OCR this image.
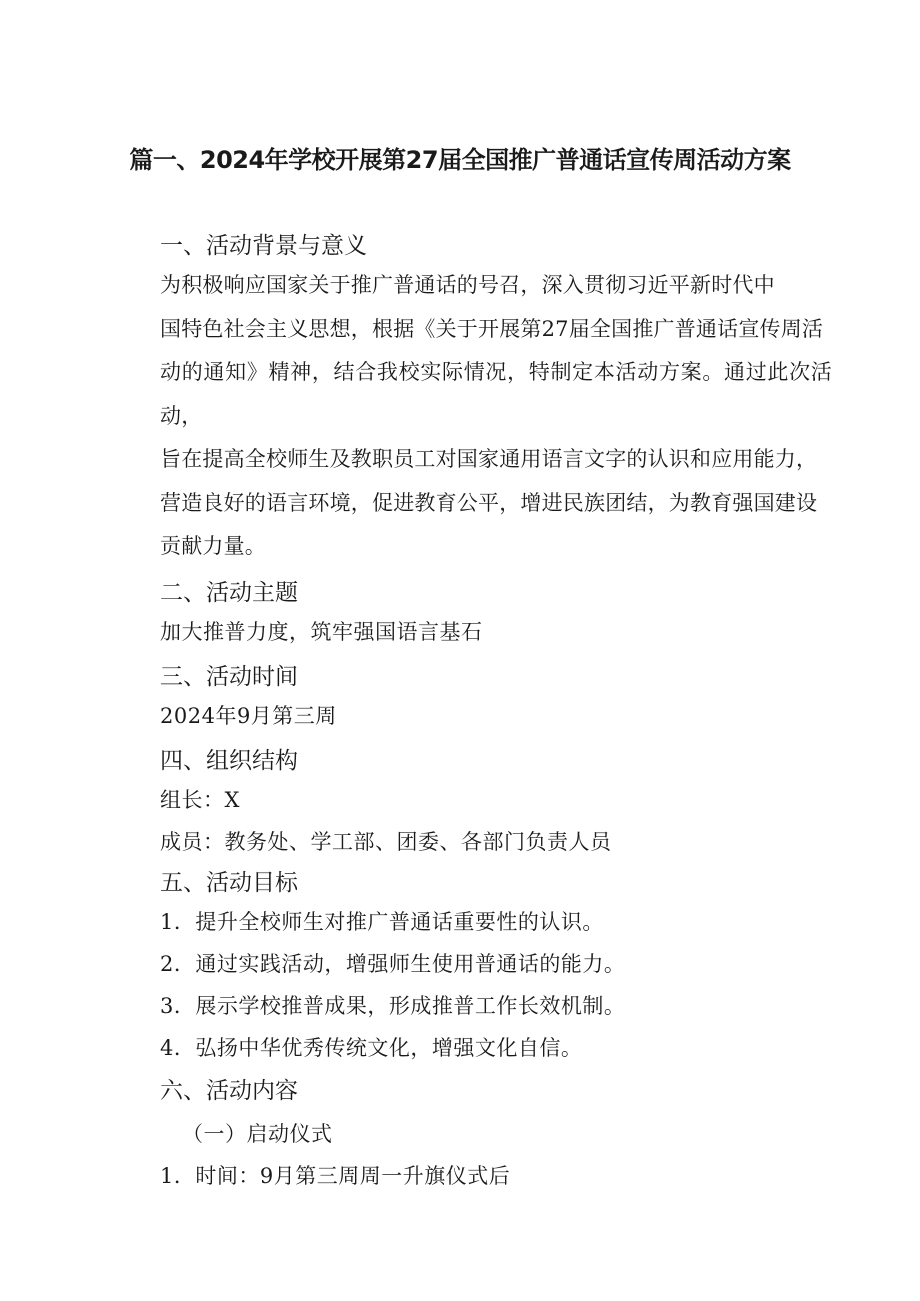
篇一、2024年学校开展第27届全国推广普通话宣传周活动方案
一、活动背景与意义
为积极响应国家关于推广普通话的号召，深入贯彻习近平新时代中
国特色社会主义思想，根据《关于开展第27届全国推广普通话宣传周活
动的通知》精神，结合我校实际情况，特制定本活动方案。通过此次活动，
旨在提高全校师生及教职员工对国家通用语言文字的认识和应用能力，
营造良好的语言环境，促进教育公平，增进民族团结，为教育强国建设
贡献力量。
二、活动主题
加大推普力度，筑牢强国语言基石
三、活动时间
2024年9月第三周
四、组织结构
组长：X
成员：教务处、学工部、团委、各部门负责人员
五、活动目标
1．提升全校师生对推广普通话重要性的认识。
2．通过实践活动，增强师生使用普通话的能力。
3．展示学校推普成果，形成推普工作长效机制。
4．弘扬中华优秀传统文化，增强文化自信。
六、活动内容
（一）启动仪式
1．时间：9月第三周周一升旗仪式后
